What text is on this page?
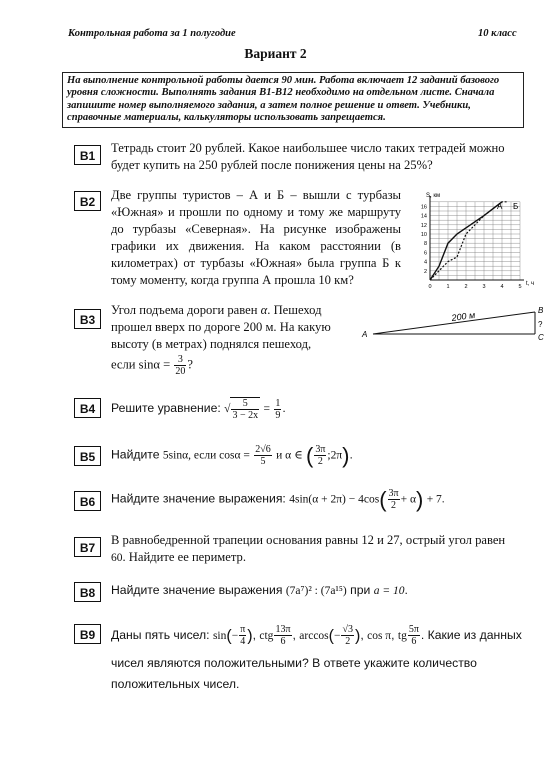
Контрольная работа за 1 полугодие	10 класс
Вариант 2
На выполнение контрольной работы дается 90 мин. Работа включает 12 заданий базового уровня сложности. Выполнять задания В1-В12 необходимо на отдельном листе. Сначала запишите номер выполняемого задания, а затем полное решение и ответ. Учебники, справочные материалы, калькуляторы использовать запрещается.
B1
Тетрадь стоит 20 рублей. Какое наибольшее число таких тетрадей можно будет купить на 250 рублей после понижения цены на 25%?
B2	Две группы туристов – А и Б – вышли с турбазы «Южная» и прошли по одному и тому же маршруту до турбазы «Северная». На рисунке изображены графики их движения. На каком расстоянии (в километрах) от турбазы «Южная» была группа Б к тому моменту, когда группа А прошла 10 км?
S, км
t, ч
2
4
6
8
10
12
14
16
0	1	2	3	4	5
А Б
B3
Угол подъема дороги равен α. Пешеход
прошел вверх по дороге 200 м. На какую
высоту (в метрах) поднялся пешеход,
если $\sin\alpha = \frac{3}{20}$ ?
A
B
C
200 м
?
B4	Решите уравнение: √ $\frac{5}{3 - 2x} = \frac{1}{9}$ .
B5	Найдите 5sinα, если $\cos\alpha = \frac{2√6}{5}$ и α ∈ ( $\frac{3\pi}{2}$ ;2π).
B6	Найдите значение выражения: $4\sin(\alpha + 2\pi) - 4\cos( \frac{3\pi}{2} + \alpha) + 7$.
B7
В равнобедренной трапеции основания равны 12 и 27, острый угол равен
60. Найдите ее периметр.
B8	Найдите значение выражения (7a⁷)² : (7a¹⁵) при a = 10.
B9	Даны пять чисел: $\sin(- \frac{\pi}{4}$ ), ctg $\frac{13\pi}{6}$ , $\arccos(- \frac{√3}{2}$ ), cos π, tg $\frac{5\pi}{6}$ . Какие из данных
чисел являются положительными? В ответе укажите количество
положительных чисел.
